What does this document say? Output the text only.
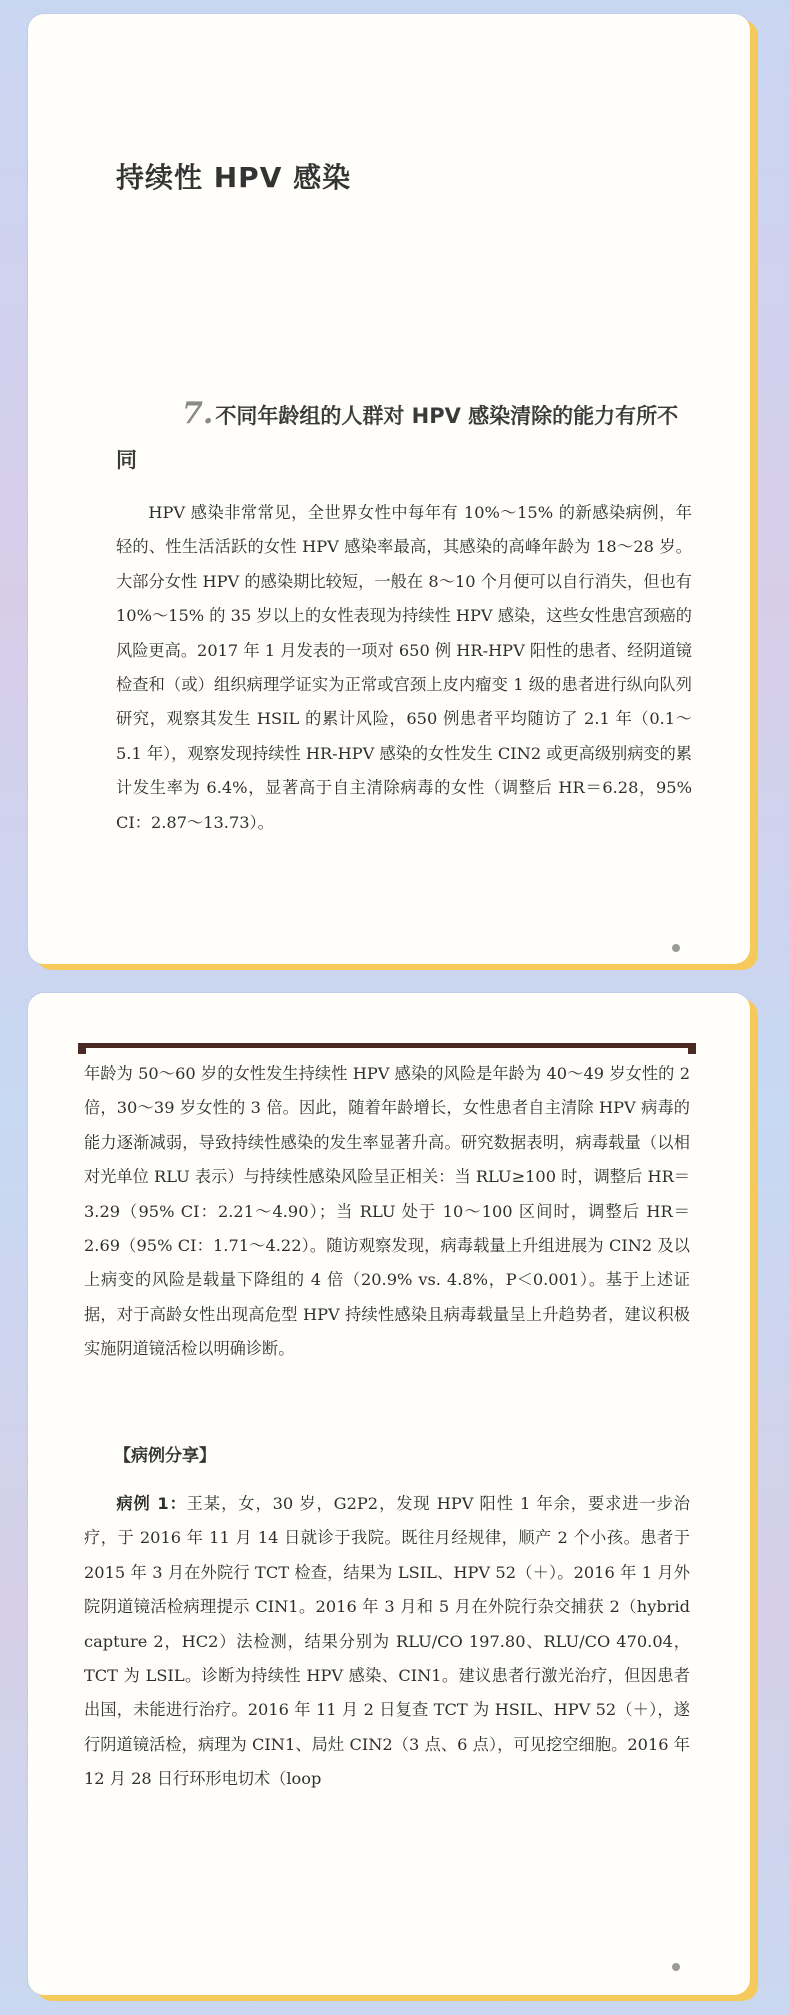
持续性 HPV 感染
7.不同年龄组的人群对 HPV 感染清除的能力有所不同
HPV 感染非常常见，全世界女性中每年有 10%～15% 的新感染病例，年轻的、性生活活跃的女性 HPV 感染率最高，其感染的高峰年龄为 18～28 岁。大部分女性 HPV 的感染期比较短，一般在 8～10 个月便可以自行消失，但也有 10%～15% 的 35 岁以上的女性表现为持续性 HPV 感染，这些女性患宫颈癌的风险更高。2017 年 1 月发表的一项对 650 例 HR-HPV 阳性的患者、经阴道镜检查和（或）组织病理学证实为正常或宫颈上皮内瘤变 1 级的患者进行纵向队列研究，观察其发生 HSIL 的累计风险，650 例患者平均随访了 2.1 年（0.1～5.1 年），观察发现持续性 HR-HPV 感染的女性发生 CIN2 或更高级别病变的累计发生率为 6.4%，显著高于自主清除病毒的女性（调整后 HR＝6.28，95% CI：2.87～13.73）。
年龄为 50～60 岁的女性发生持续性 HPV 感染的风险是年龄为 40～49 岁女性的 2 倍，30～39 岁女性的 3 倍。因此，随着年龄增长，女性患者自主清除 HPV 病毒的能力逐渐减弱，导致持续性感染的发生率显著升高。研究数据表明，病毒载量（以相对光单位 RLU 表示）与持续性感染风险呈正相关：当 RLU≥100 时，调整后 HR＝3.29（95% CI：2.21～4.90）；当 RLU 处于 10～100 区间时，调整后 HR＝2.69（95% CI：1.71～4.22）。随访观察发现，病毒载量上升组进展为 CIN2 及以上病变的风险是载量下降组的 4 倍（20.9% vs. 4.8%，P＜0.001）。基于上述证据，对于高龄女性出现高危型 HPV 持续性感染且病毒载量呈上升趋势者，建议积极实施阴道镜活检以明确诊断。
【病例分享】
病例 1：王某，女，30 岁，G2P2，发现 HPV 阳性 1 年余，要求进一步治疗，于 2016 年 11 月 14 日就诊于我院。既往月经规律，顺产 2 个小孩。患者于 2015 年 3 月在外院行 TCT 检查，结果为 LSIL、HPV 52（＋）。2016 年 1 月外院阴道镜活检病理提示 CIN1。2016 年 3 月和 5 月在外院行杂交捕获 2（hybrid capture 2，HC2）法检测，结果分别为 RLU/CO 197.80、RLU/CO 470.04，TCT 为 LSIL。诊断为持续性 HPV 感染、CIN1。建议患者行激光治疗，但因患者出国，未能进行治疗。2016 年 11 月 2 日复查 TCT 为 HSIL、HPV 52（＋），遂行阴道镜活检，病理为 CIN1、局灶 CIN2（3 点、6 点），可见挖空细胞。2016 年 12 月 28 日行环形电切术（loop
